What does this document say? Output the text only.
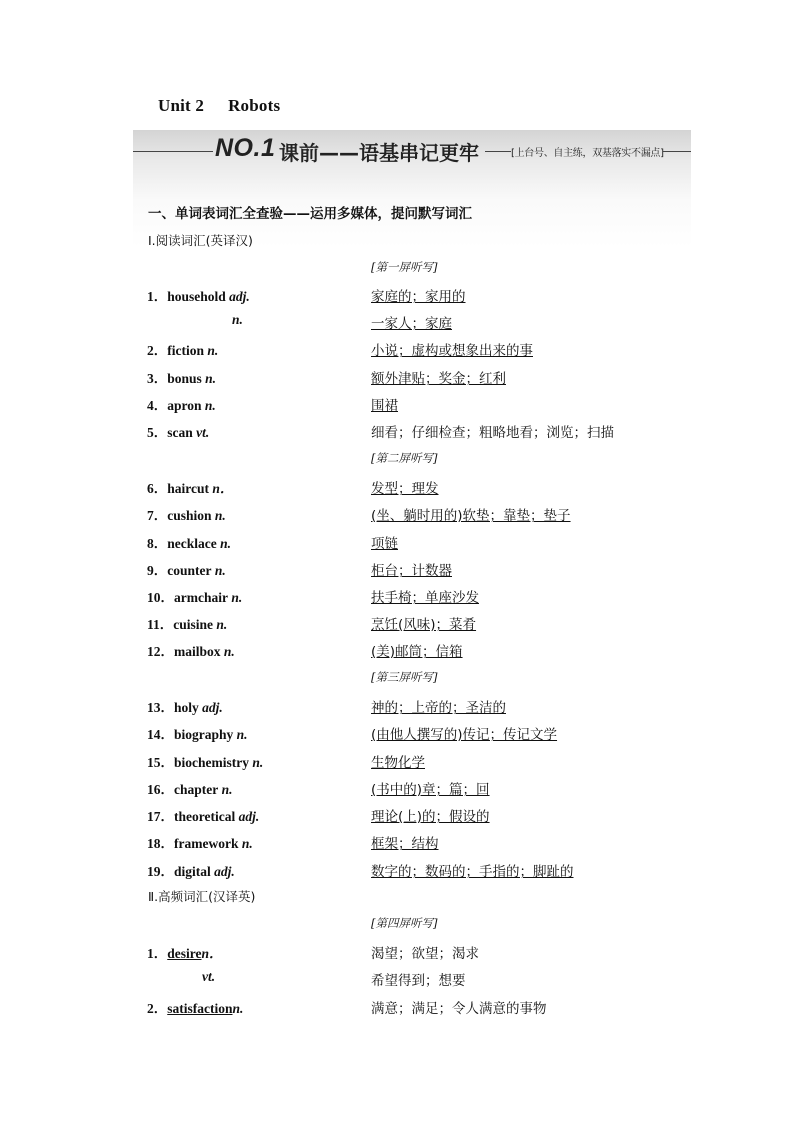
Unit 2 Robots
NO.1 课前——语基串记更牢	[上台号、自主练，双基落实不漏点]
一、单词表词汇全查验——运用多媒体，提问默写词汇
Ⅰ.阅读词汇(英译汉)
[第一屏听写]
1．household adj.	家庭的；家用的
n.	一家人；家庭
2．fiction n.	小说；虚构或想象出来的事
3．bonus n.	额外津贴；奖金；红利
4．apron n.	围裙
5．scan vt.	细看；仔细检查；粗略地看；浏览；扫描
[第二屏听写]
6．haircut n．	发型；理发
7．cushion n.	(坐、躺时用的)软垫；靠垫；垫子
8．necklace n.	项链
9．counter n.	柜台；计数器
10．armchair n.	扶手椅；单座沙发
11．cuisine n.	烹饪(风味)；菜肴
12．mailbox n.	(美)邮筒；信箱
[第三屏听写]
13．holy adj.	神的；上帝的；圣洁的
14．biography n.	(由他人撰写的)传记；传记文学
15．biochemistry n.	生物化学
16．chapter n.	(书中的)章；篇；回
17．theoretical adj.	理论(上)的；假设的
18．framework n.	框架；结构
19．digital adj.	数字的；数码的；手指的；脚趾的
Ⅱ.高频词汇(汉译英)
[第四屏听写]
1．desiren．	渴望；欲望；渴求
vt.	希望得到；想要
2．satisfactionn.	满意；满足；令人满意的事物
